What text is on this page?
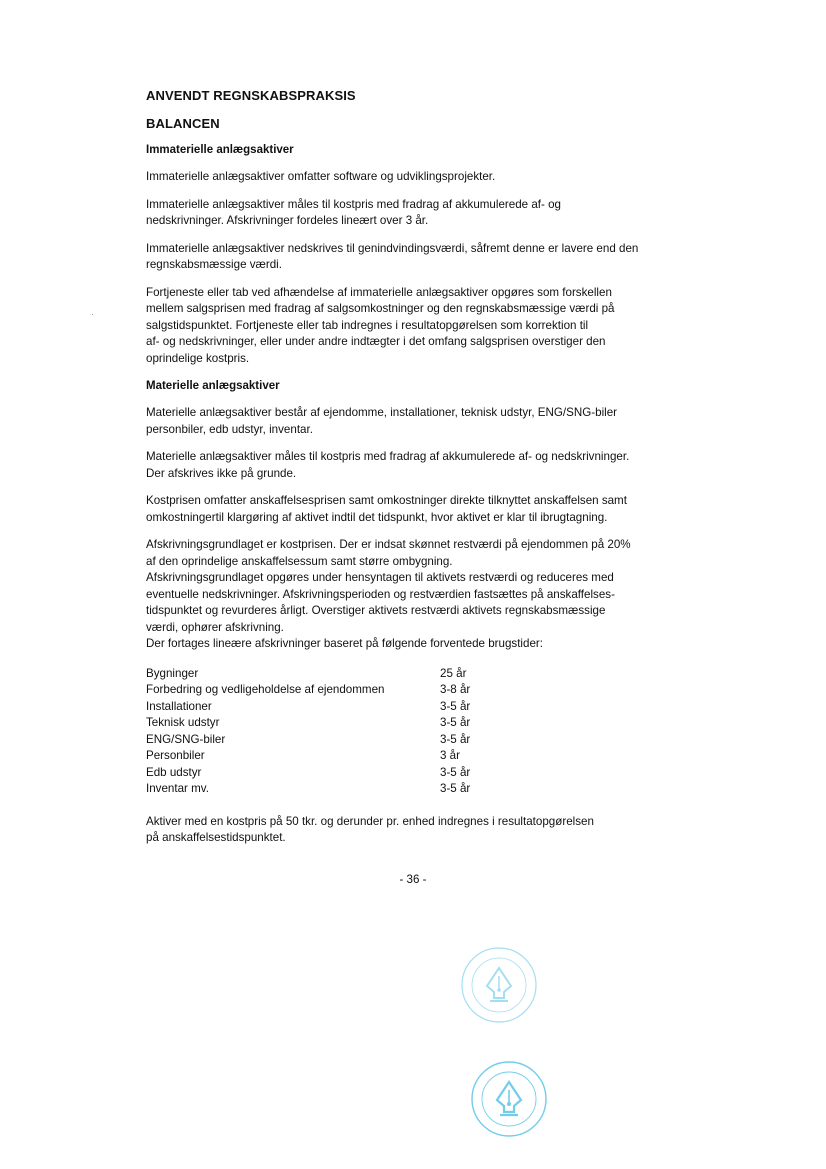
ANVENDT REGNSKABSPRAKSIS
BALANCEN
Immaterielle anlægsaktiver

Immaterielle anlægsaktiver omfatter software og udviklingsprojekter.

Immaterielle anlægsaktiver måles til kostpris med fradrag af akkumulerede af- og
nedskrivninger. Afskrivninger fordeles lineært over 3 år.

Immaterielle anlægsaktiver nedskrives til genindvindingsværdi, såfremt denne er lavere end den
regnskabsmæssige værdi.

Fortjeneste eller tab ved afhændelse af immaterielle anlægsaktiver opgøres som forskellen
mellem salgsprisen med fradrag af salgsomkostninger og den regnskabsmæssige værdi på
salgstidspunktet. Fortjeneste eller tab indregnes i resultatopgørelsen som korrektion til
af- og nedskrivninger, eller under andre indtægter i det omfang salgsprisen overstiger den
oprindelige kostpris.

Materielle anlægsaktiver

Materielle anlægsaktiver består af ejendomme, installationer, teknisk udstyr, ENG/SNG-biler
personbiler, edb udstyr, inventar.

Materielle anlægsaktiver måles til kostpris med fradrag af akkumulerede af- og nedskrivninger.
Der afskrives ikke på grunde.

Kostprisen omfatter anskaffelsesprisen samt omkostninger direkte tilknyttet anskaffelsen samt
omkostningertil klargøring af aktivet indtil det tidspunkt, hvor aktivet er klar til ibrugtagning.

Afskrivningsgrundlaget er kostprisen. Der er indsat skønnet restværdi på ejendommen på 20%
af den oprindelige anskaffelsessum samt større ombygning.
Afskrivningsgrundlaget opgøres under hensyntagen til aktivets restværdi og reduceres med
eventuelle nedskrivninger. Afskrivningsperioden og restværdien fastsættes på anskaffelses-
tidspunktet og revurderes årligt. Overstiger aktivets restværdi aktivets regnskabsmæssige
værdi, ophører afskrivning.
Der fortages lineære afskrivninger baseret på følgende forventede brugstider:

Bygninger	25 år
Forbedring og vedligeholdelse af ejendommen	3-8 år
Installationer	3-5 år
Teknisk udstyr	3-5 år
ENG/SNG-biler	3-5 år
Personbiler	3 år
Edb udstyr	3-5 år
Inventar mv.	3-5 år

Aktiver med en kostpris på 50 tkr. og derunder pr. enhed indregnes i resultatopgørelsen
på anskaffelsestidspunktet.

- 36 -
